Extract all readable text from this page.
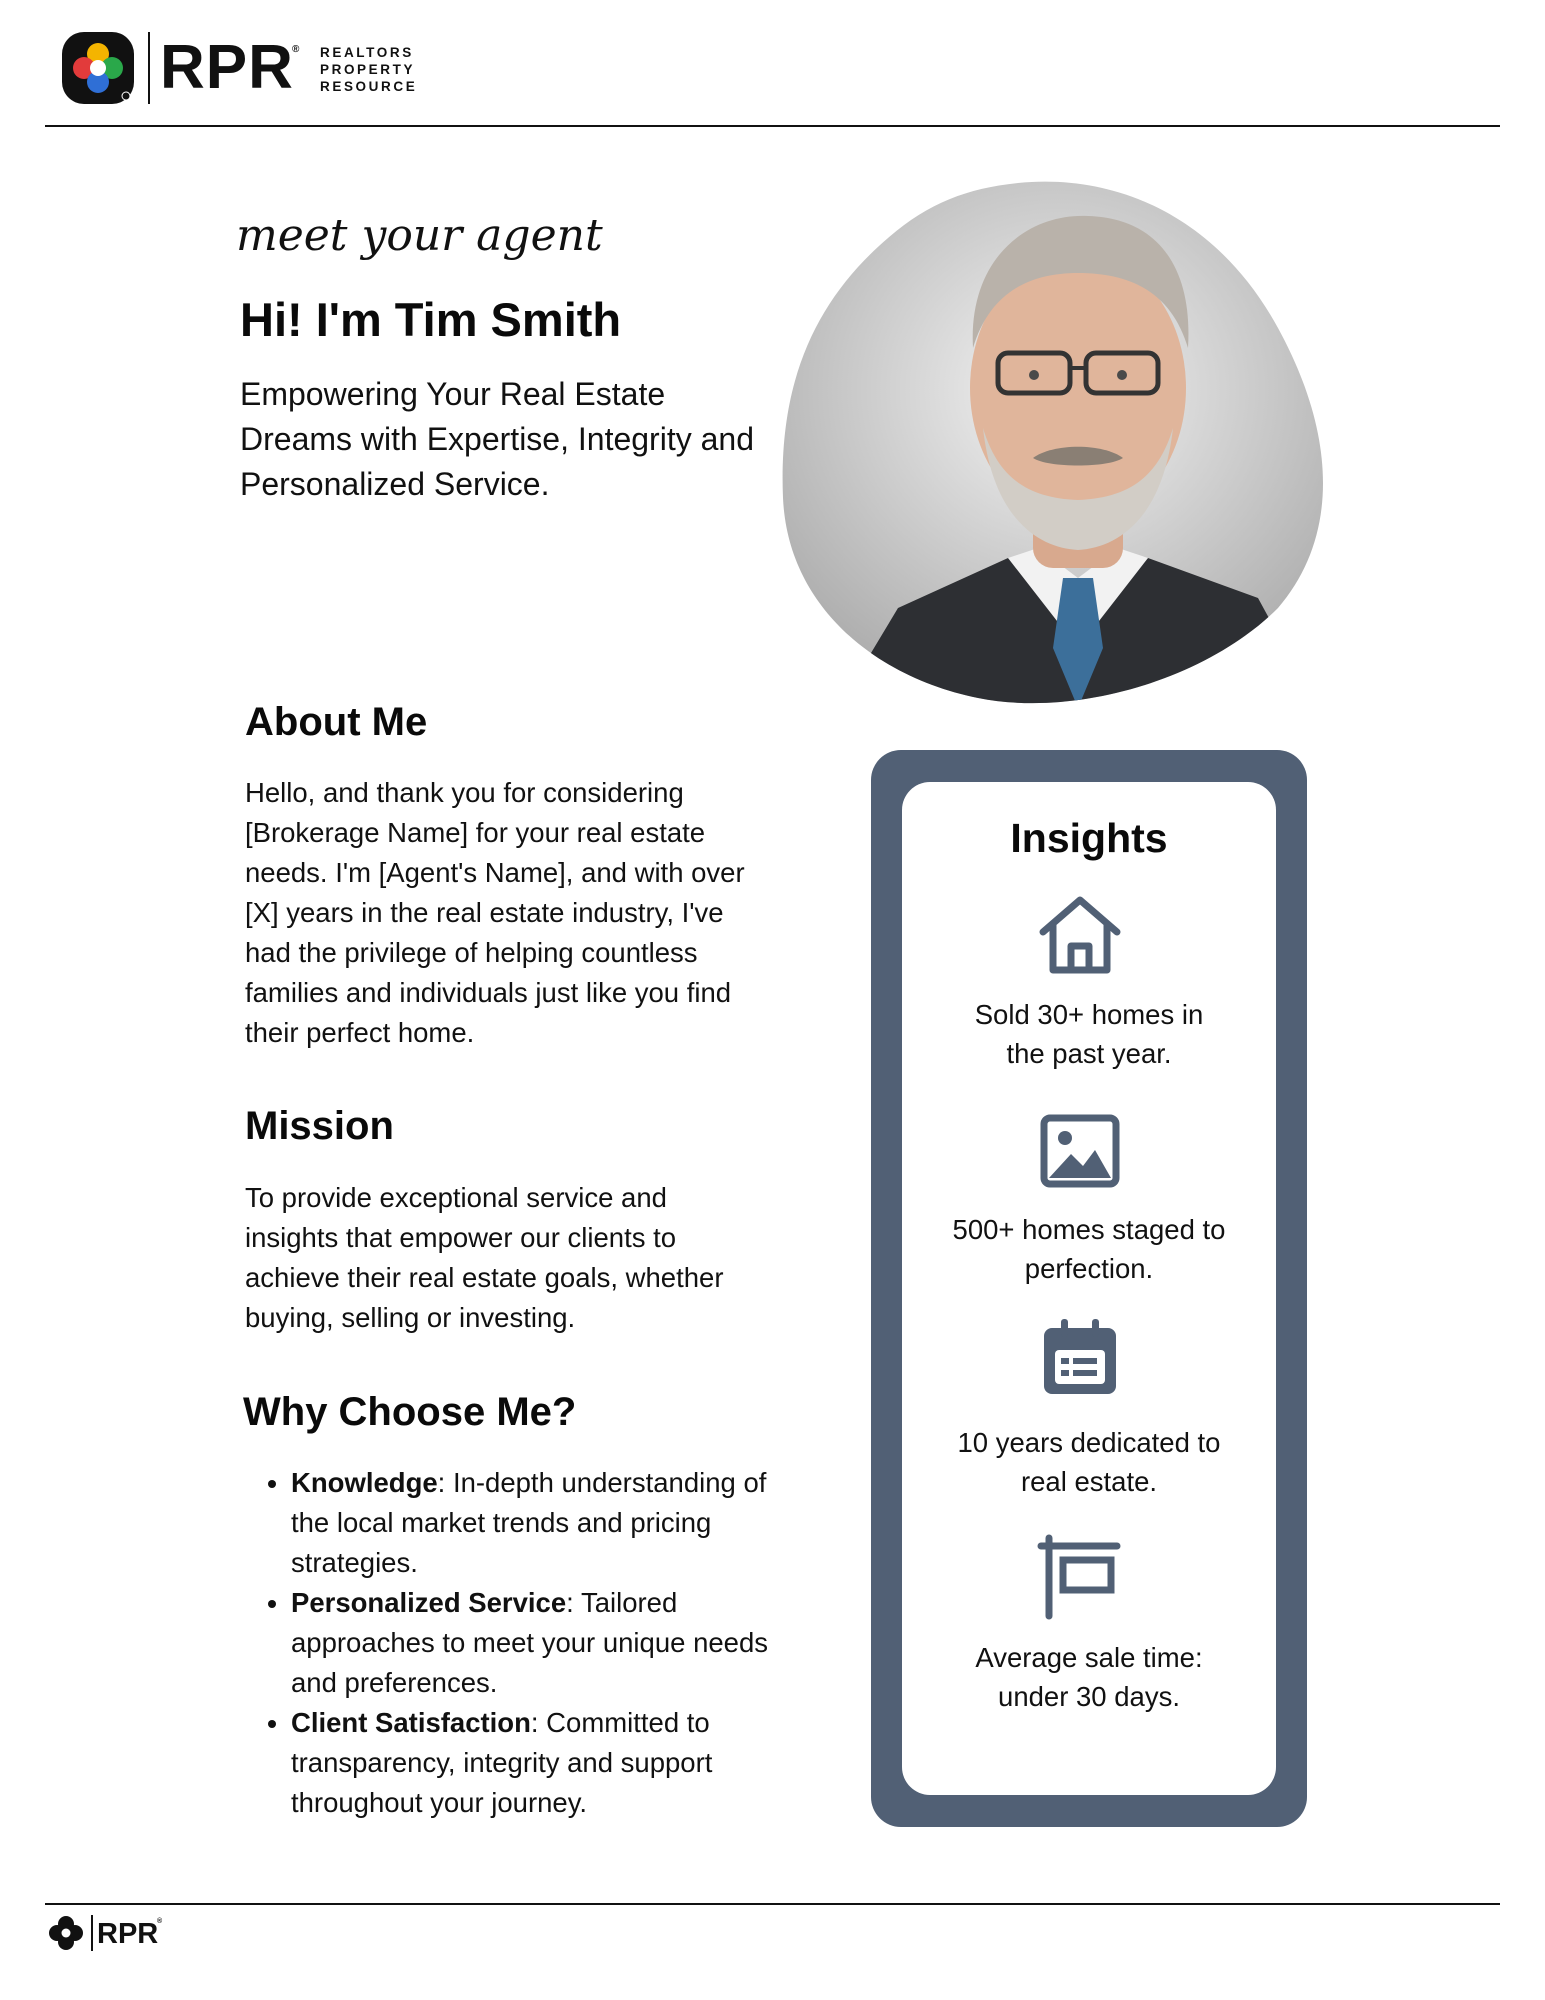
RPR
® REALTORS
PROPERTY
RESOURCE
meet your agent
Hi! I'm Tim Smith
Empowering Your Real Estate Dreams with Expertise, Integrity and Personalized Service.
About Me
Hello, and thank you for considering [Brokerage Name] for your real estate needs. I'm [Agent's Name], and with over [X] years in the real estate industry, I've had the privilege of helping countless families and individuals just like you find their perfect home.
Mission
To provide exceptional service and insights that empower our clients to achieve their real estate goals, whether buying, selling or investing.
Why Choose Me?
• Knowledge: In-depth understanding of the local market trends and pricing strategies.
• Personalized Service: Tailored approaches to meet your unique needs and preferences.
• Client Satisfaction: Committed to transparency, integrity and support throughout your journey.
Insights
Sold 30+ homes in
the past year.
500+ homes staged to
perfection.
10 years dedicated to
real estate.
Average sale time:
under 30 days.
RPR
®
